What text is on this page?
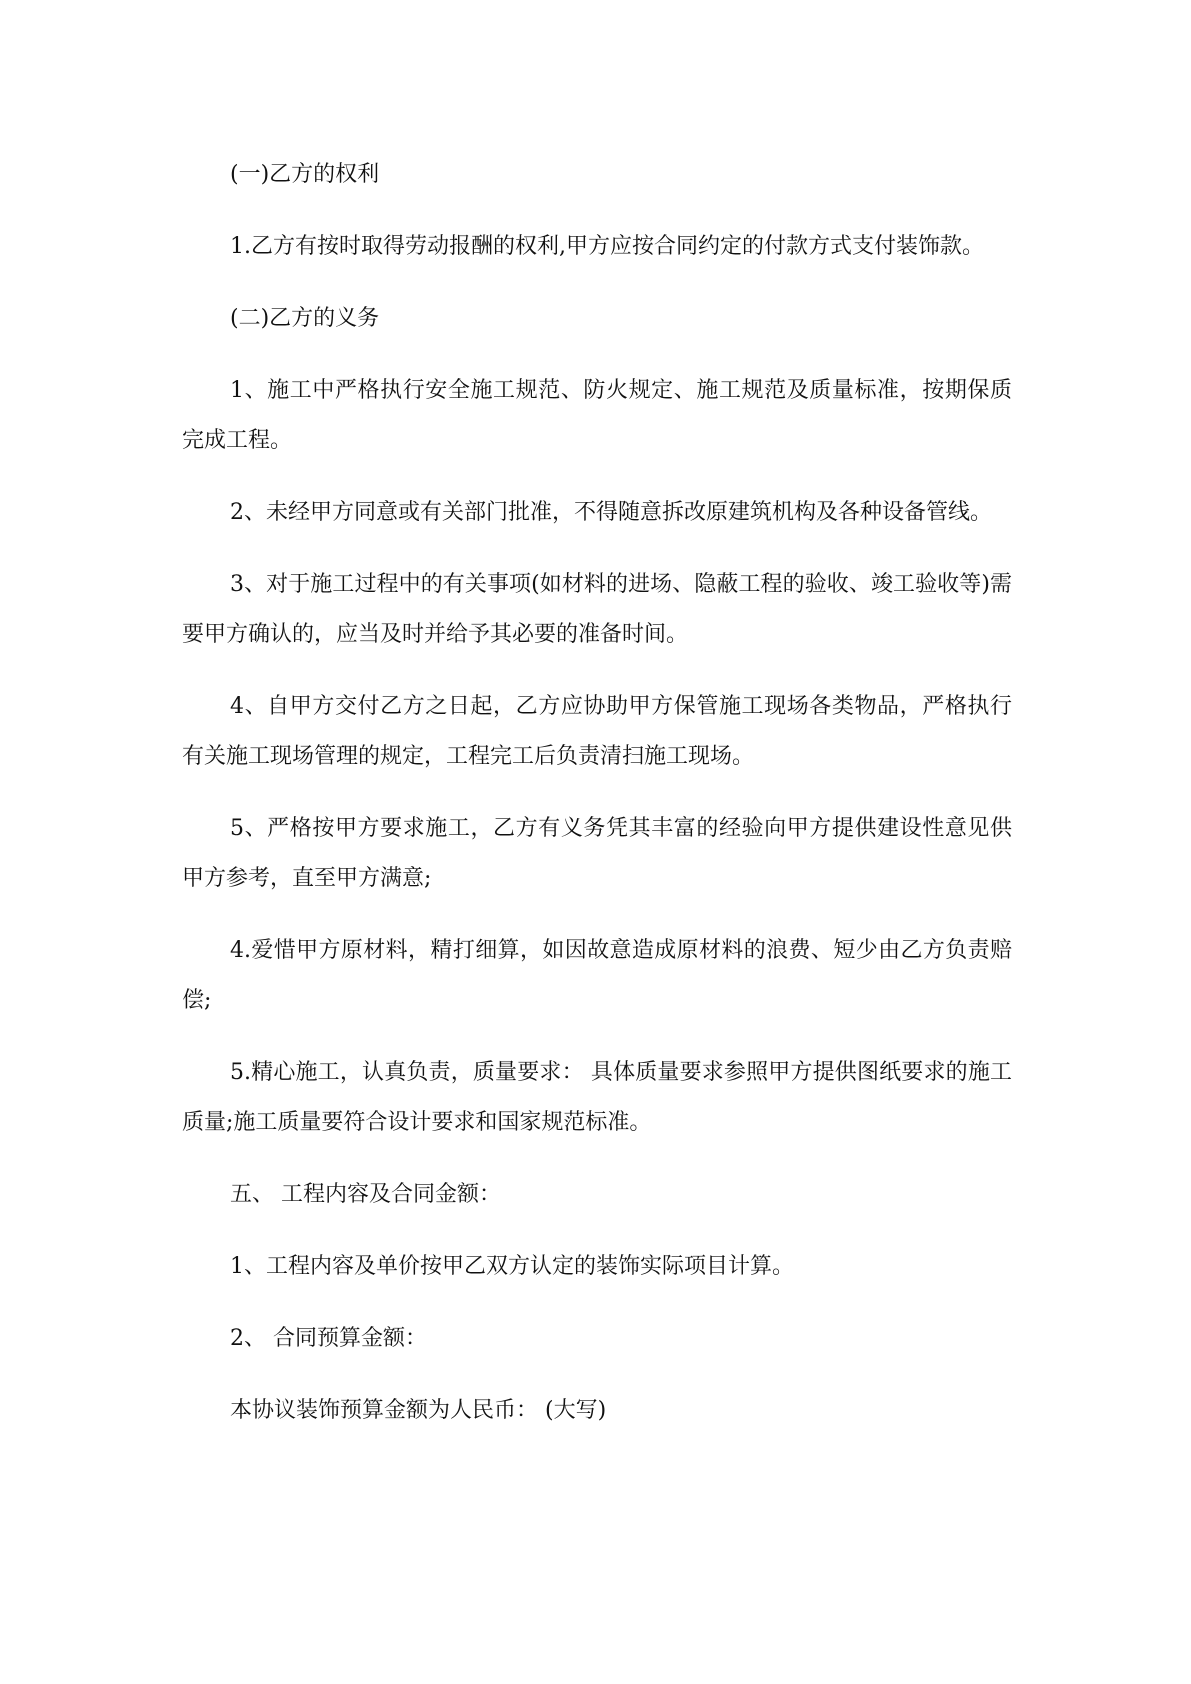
(一)乙方的权利

1.乙方有按时取得劳动报酬的权利,甲方应按合同约定的付款方式支付装饰款。

(二)乙方的义务

1、施工中严格执行安全施工规范、防火规定、施工规范及质量标准，按期保质完成工程。

2、未经甲方同意或有关部门批准，不得随意拆改原建筑机构及各种设备管线。

3、对于施工过程中的有关事项(如材料的进场、隐蔽工程的验收、竣工验收等)需要甲方确认的，应当及时并给予其必要的准备时间。

4、自甲方交付乙方之日起，乙方应协助甲方保管施工现场各类物品，严格执行有关施工现场管理的规定，工程完工后负责清扫施工现场。

5、严格按甲方要求施工，乙方有义务凭其丰富的经验向甲方提供建设性意见供甲方参考，直至甲方满意;

4.爱惜甲方原材料，精打细算，如因故意造成原材料的浪费、短少由乙方负责赔偿;

5.精心施工，认真负责，质量要求： 具体质量要求参照甲方提供图纸要求的施工质量;施工质量要符合设计要求和国家规范标准。

五、 工程内容及合同金额：

1、工程内容及单价按甲乙双方认定的装饰实际项目计算。

2、 合同预算金额：

本协议装饰预算金额为人民币： (大写)
